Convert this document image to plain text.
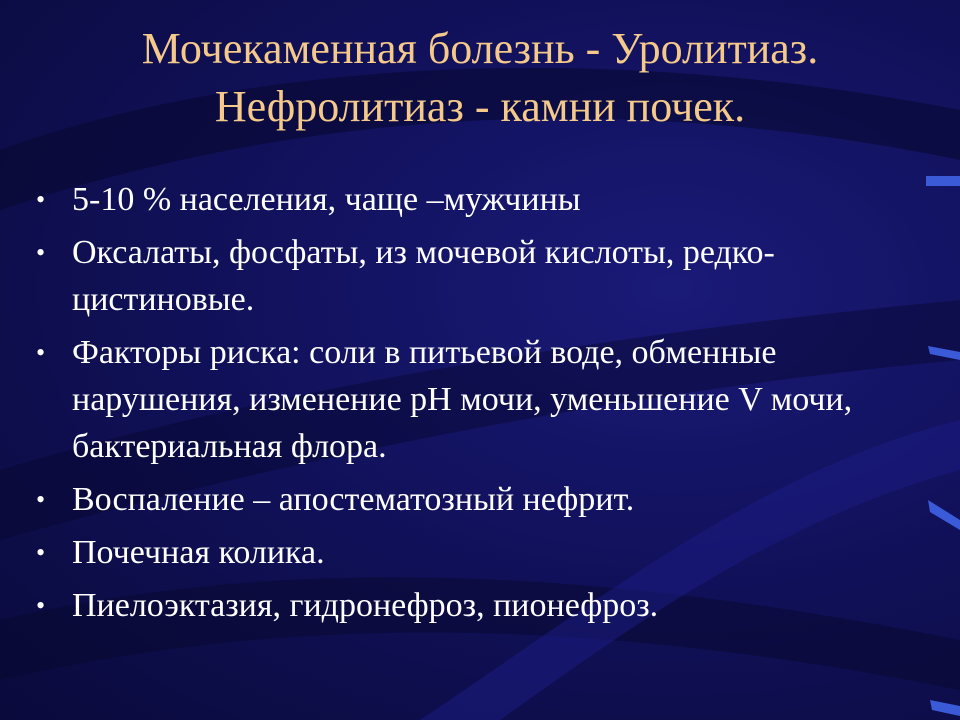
Мочекаменная болезнь - Уролитиаз.
Нефролитиаз - камни почек.
• 5-10 % населения, чаще –мужчины
• Оксалаты, фосфаты, из мочевой кислоты, редко- цистиновые.
• Факторы риска: соли в питьевой воде, обменные нарушения, изменение pH мочи, уменьшение V мочи, бактериальная флора.
• Воспаление – апостематозный нефрит.
• Почечная колика.
• Пиелоэктазия, гидронефроз, пионефроз.
